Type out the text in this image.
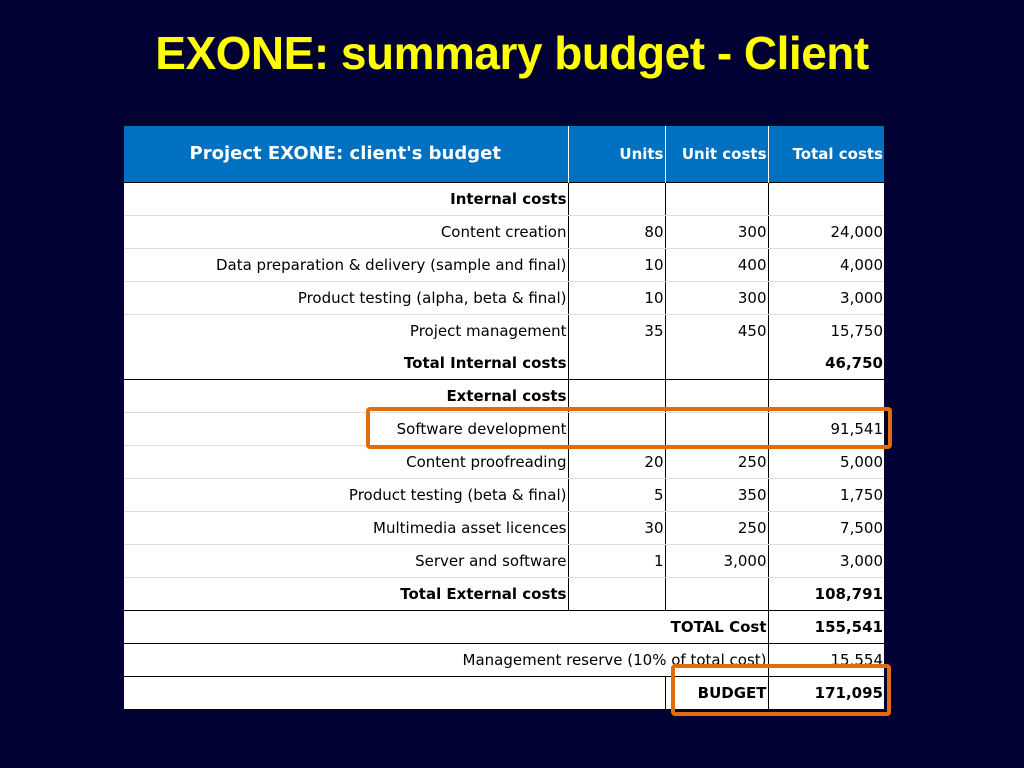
EXONE: summary budget - Client
Project EXONE: client's budget	Units	Unit costs	Total costs
Internal costs			
Content creation	80	300	24,000
Data preparation & delivery (sample and final)	10	400	4,000
Product testing (alpha, beta & final)	10	300	3,000
Project management	35	450	15,750
Total Internal costs			46,750
External costs			
Software development			91,541
Content proofreading	20	250	5,000
Product testing (beta & final)	5	350	1,750
Multimedia asset licences	30	250	7,500
Server and software	1	3,000	3,000
Total External costs			108,791
TOTAL Cost			155,541
Management reserve (10% of total cost)			15,554
		BUDGET	171,095
